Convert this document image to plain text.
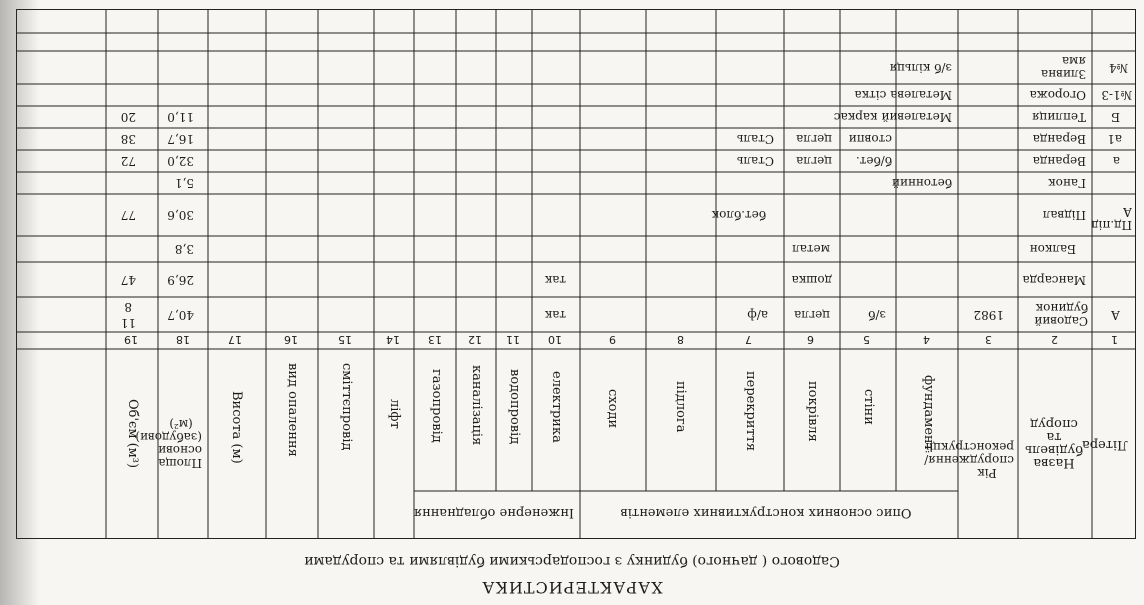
ХАРАКТЕРИСТИКА
Садового ( дачного) будинку з господарськими будівлями та спорудами
Літера
Назва будівель та споруд
Рік спорудження/ реконструкції
Опис основних конструктивних елементів
Інженерне обладнання
фундамент
стіни
покрівля
перекриття
підлога
сходи
електрика
водопровід
каналізація
газопровід
ліфт
сміттєпровід
вид опалення
Висота (м)
Площа основи (забудови) (м²)
Об'єм (м³)
1
2
3
4
5
6
7
8
9
10
11
12
13
14
15
16
17
18
19
А
Садовий будинок
1982
з/б
цегла
а/ф
так
40,7
11
8
Мансарда
дошка
так
26,9
47
Балкон
метал
3,8
Пд.під А
Підвал
бет.блок
30,6
77
Ганок
бетонний
5,1
а
Веранда
б/бет.
цегла
Сталь
32,0
72
а1
Веранда
стовпи
цегла
Сталь
16,7
38
Б
Теплиця
Металевий каркас
11,0
20
№1-3
Огорожа
Металева сітка
№4
Зливна яма
з/б кільця
